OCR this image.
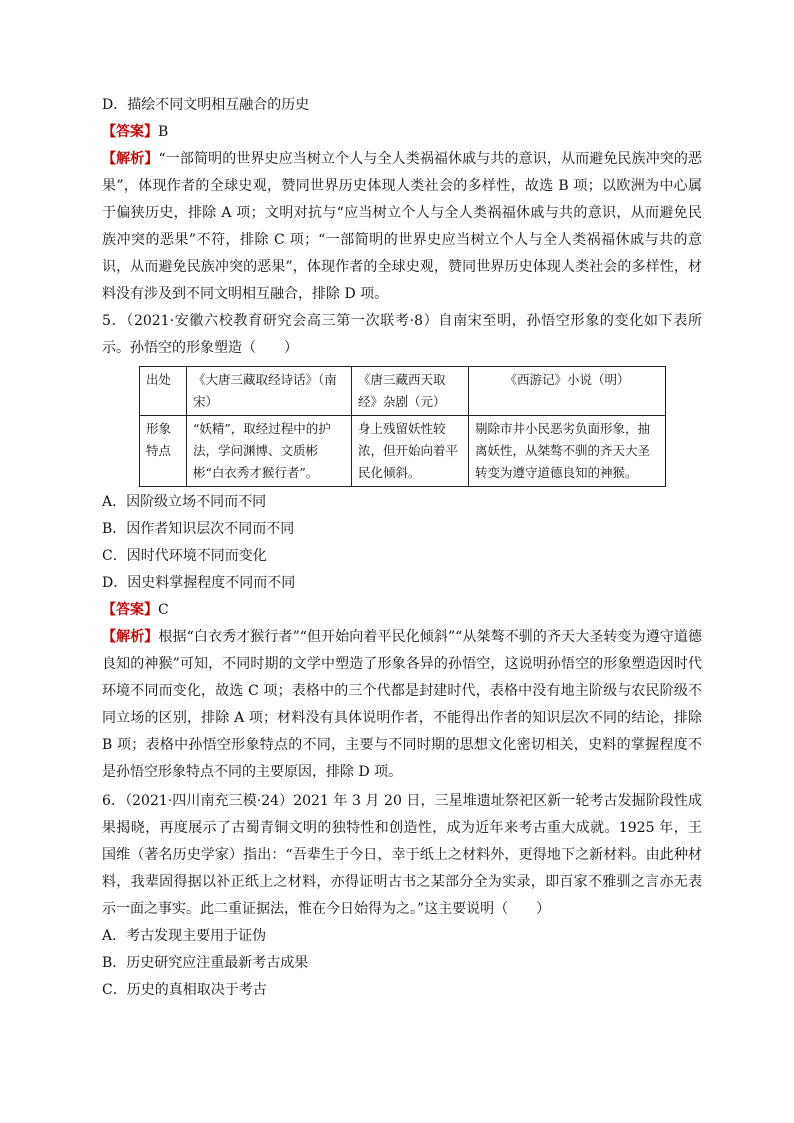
D．描绘不同文明相互融合的历史

【答案】B

【解析】“一部简明的世界史应当树立个人与全人类祸福休戚与共的意识，从而避免民族冲突的恶果”，体现作者的全球史观，赞同世界历史体现人类社会的多样性，故选 B 项；以欧洲为中心属于偏狭历史，排除 A 项；文明对抗与“应当树立个人与全人类祸福休戚与共的意识，从而避免民族冲突的恶果”不符，排除 C 项；“一部简明的世界史应当树立个人与全人类祸福休戚与共的意识，从而避免民族冲突的恶果”，体现作者的全球史观，赞同世界历史体现人类社会的多样性，材料没有涉及到不同文明相互融合，排除 D 项。

5．（2021·安徽六校教育研究会高三第一次联考·8）自南宋至明，孙悟空形象的变化如下表所示。孙悟空的形象塑造（　　）

出处	《大唐三藏取经诗话》（南宋）	《唐三藏西天取经》杂剧（元）	《西游记》小说（明）
形象特点	“妖精”，取经过程中的护法，学问渊博、文质彬彬“白衣秀才猴行者”。	身上残留妖性较浓，但开始向着平民化倾斜。	剔除市井小民恶劣负面形象，抽离妖性，从桀骜不驯的齐天大圣转变为遵守道德良知的神猴。

A．因阶级立场不同而不同

B．因作者知识层次不同而不同

C．因时代环境不同而变化

D．因史料掌握程度不同而不同

【答案】C

【解析】根据“白衣秀才猴行者”“但开始向着平民化倾斜”“从桀骜不驯的齐天大圣转变为遵守道德良知的神猴”可知，不同时期的文学中塑造了形象各异的孙悟空，这说明孙悟空的形象塑造因时代环境不同而变化，故选 C 项；表格中的三个代都是封建时代，表格中没有地主阶级与农民阶级不同立场的区别，排除 A 项；材料没有具体说明作者，不能得出作者的知识层次不同的结论，排除 B 项；表格中孙悟空形象特点的不同，主要与不同时期的思想文化密切相关，史料的掌握程度不是孙悟空形象特点不同的主要原因，排除 D 项。

6．（2021·四川南充三模·24）2021 年 3 月 20 日，三星堆遗址祭祀区新一轮考古发掘阶段性成果揭晓，再度展示了古蜀青铜文明的独特性和创造性，成为近年来考古重大成就。1925 年，王国维（著名历史学家）指出：“吾辈生于今日，幸于纸上之材料外，更得地下之新材料。由此种材料，我辈固得据以补正纸上之材料，亦得证明古书之某部分全为实录，即百家不雅驯之言亦无表示一面之事实。此二重证据法，惟在今日始得为之。”这主要说明（　　）

A．考古发现主要用于证伪

B．历史研究应注重最新考古成果

C．历史的真相取决于考古
